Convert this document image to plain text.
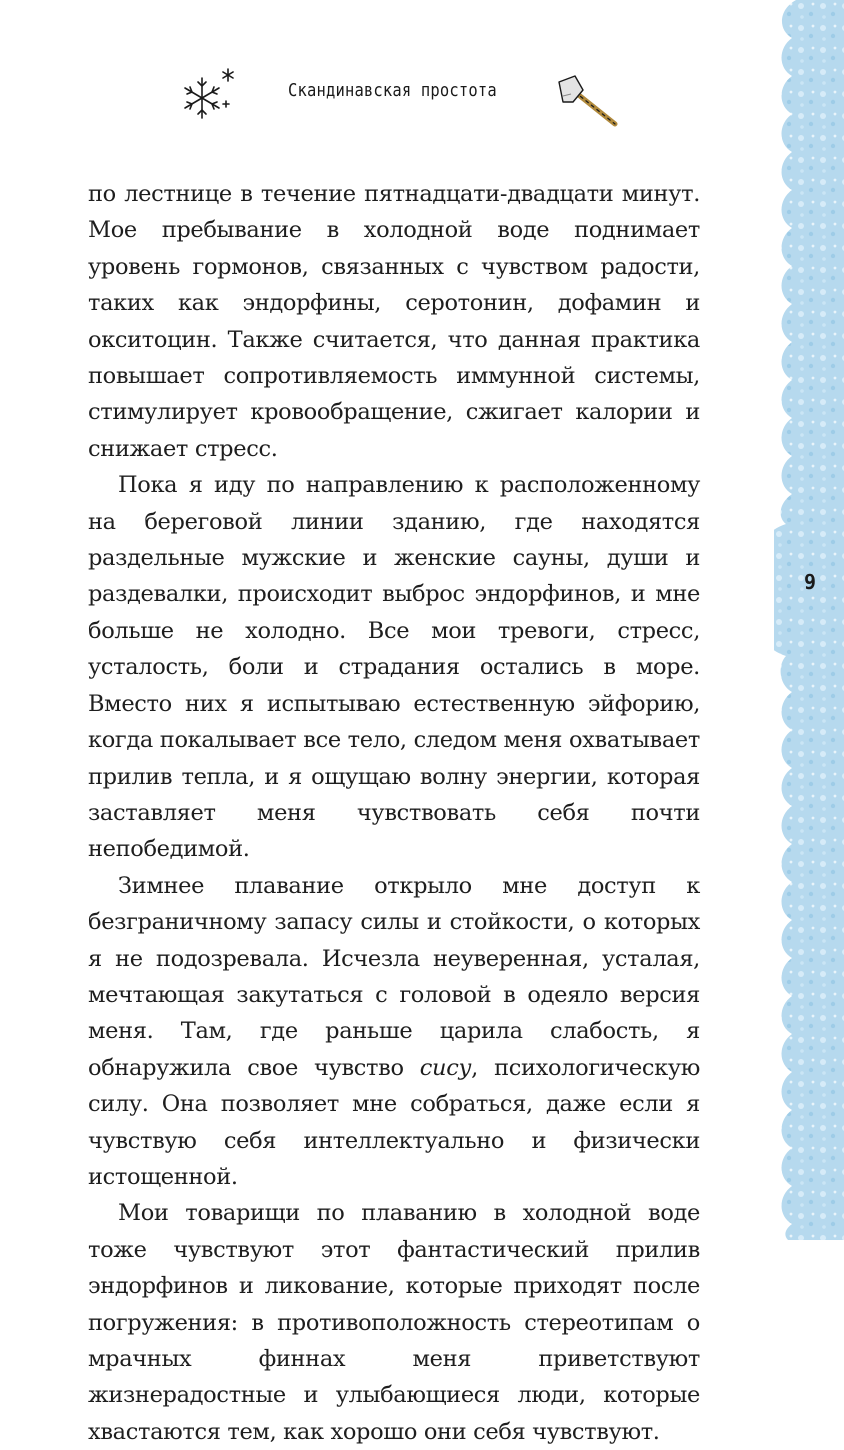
9
Скандинавская простота

по лестнице в течение пятнадцати-двадцати минут. Мое пребывание в холодной воде поднимает уровень гормонов, связанных с чувством радости, таких как эндорфины, серотонин, дофамин и окситоцин. Также считается, что данная практика повышает сопротивляемость иммунной системы, стимулирует кровообращение, сжигает калории и снижает стресс.

Пока я иду по направлению к расположенному на береговой линии зданию, где находятся раздельные мужские и женские сауны, души и раздевалки, происходит выброс эндорфинов, и мне больше не холодно. Все мои тревоги, стресс, усталость, боли и страдания остались в море. Вместо них я испытываю естественную эйфорию, когда покалывает все тело, следом меня охватывает прилив тепла, и я ощущаю волну энергии, которая заставляет меня чувствовать себя почти непобедимой.

Зимнее плавание открыло мне доступ к безграничному запасу силы и стойкости, о которых я не подозревала. Исчезла неуверенная, усталая, мечтающая закутаться с головой в одеяло версия меня. Там, где раньше царила слабость, я обнаружила свое чувство сису, психологическую силу. Она позволяет мне собраться, даже если я чувствую себя интеллектуально и физически истощенной.

Мои товарищи по плаванию в холодной воде тоже чувствуют этот фантастический прилив эндорфинов и ликование, которые приходят после погружения: в противоположность стереотипам о мрачных финнах меня приветствуют жизнерадостные и улыбающиеся люди, которые хвастаются тем, как хорошо они себя чувствуют.
